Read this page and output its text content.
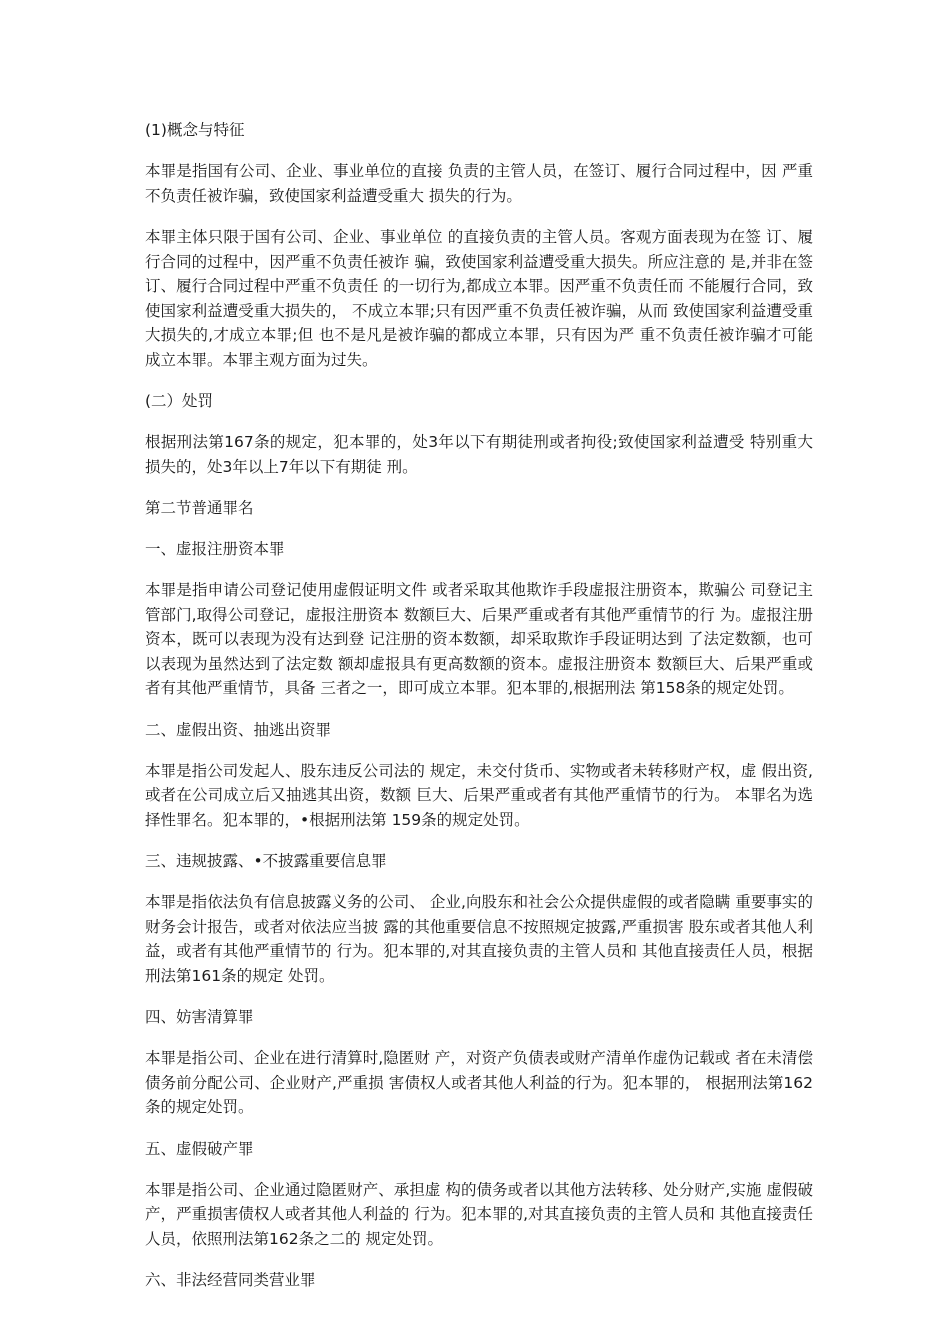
(1)概念与特征
本罪是指国有公司、企业、事业单位的直接 负责的主管人员，在签订、履行合同过程中，因 严重不负责任被诈骗，致使国家利益遭受重大 损失的行为。
本罪主体只限于国有公司、企业、事业单位 的直接负责的主管人员。客观方面表现为在签 订、履行合同的过程中，因严重不负责任被诈 骗，致使国家利益遭受重大损失。所应注意的 是,并非在签订、履行合同过程中严重不负责任 的一切行为,都成立本罪。因严重不负责任而 不能履行合同，致使国家利益遭受重大损失的， 不成立本罪;只有因严重不负责任被诈骗，从而 致使国家利益遭受重大损失的,才成立本罪;但 也不是凡是被诈骗的都成立本罪，只有因为严 重不负责任被诈骗才可能成立本罪。本罪主观方面为过失。
(二）处罚
根据刑法第167条的规定，犯本罪的，处3年以下有期徒刑或者拘役;致使国家利益遭受 特别重大损失的，处3年以上7年以下有期徒 刑。
第二节普通罪名
一、虚报注册资本罪
本罪是指申请公司登记使用虚假证明文件 或者采取其他欺诈手段虚报注册资本，欺骗公 司登记主管部门,取得公司登记，虚报注册资本 数额巨大、后果严重或者有其他严重情节的行 为。虚报注册资本，既可以表现为没有达到登 记注册的资本数额，却采取欺诈手段证明达到 了法定数额，也可以表现为虽然达到了法定数 额却虚报具有更高数额的资本。虚报注册资本 数额巨大、后果严重或者有其他严重情节，具备 三者之一，即可成立本罪。犯本罪的,根据刑法 第158条的规定处罚。
二、虚假出资、抽逃出资罪
本罪是指公司发起人、股东违反公司法的 规定，未交付货币、实物或者未转移财产权，虚 假出资,或者在公司成立后又抽逃其出资，数额 巨大、后果严重或者有其他严重情节的行为。 本罪名为选择性罪名。犯本罪的，•根据刑法第 159条的规定处罚。
三、违规披露、•不披露重要信息罪
本罪是指依法负有信息披露义务的公司、 企业,向股东和社会公众提供虚假的或者隐瞒 重要事实的财务会计报告，或者对依法应当披 露的其他重要信息不按照规定披露,严重损害 股东或者其他人利益，或者有其他严重情节的 行为。犯本罪的,对其直接负责的主管人员和 其他直接责任人员，根据刑法第161条的规定 处罚。
四、妨害清算罪
本罪是指公司、企业在进行清算时,隐匿财 产，对资产负债表或财产清单作虚伪记载或 者在未清偿债务前分配公司、企业财产,严重损 害债权人或者其他人利益的行为。犯本罪的， 根据刑法第162条的规定处罚。
五、虚假破产罪
本罪是指公司、企业通过隐匿财产、承担虚 构的债务或者以其他方法转移、处分财产,实施 虚假破产，严重损害债权人或者其他人利益的 行为。犯本罪的,对其直接负责的主管人员和 其他直接责任人员，依照刑法第162条之二的 规定处罚。
六、非法经营同类营业罪
